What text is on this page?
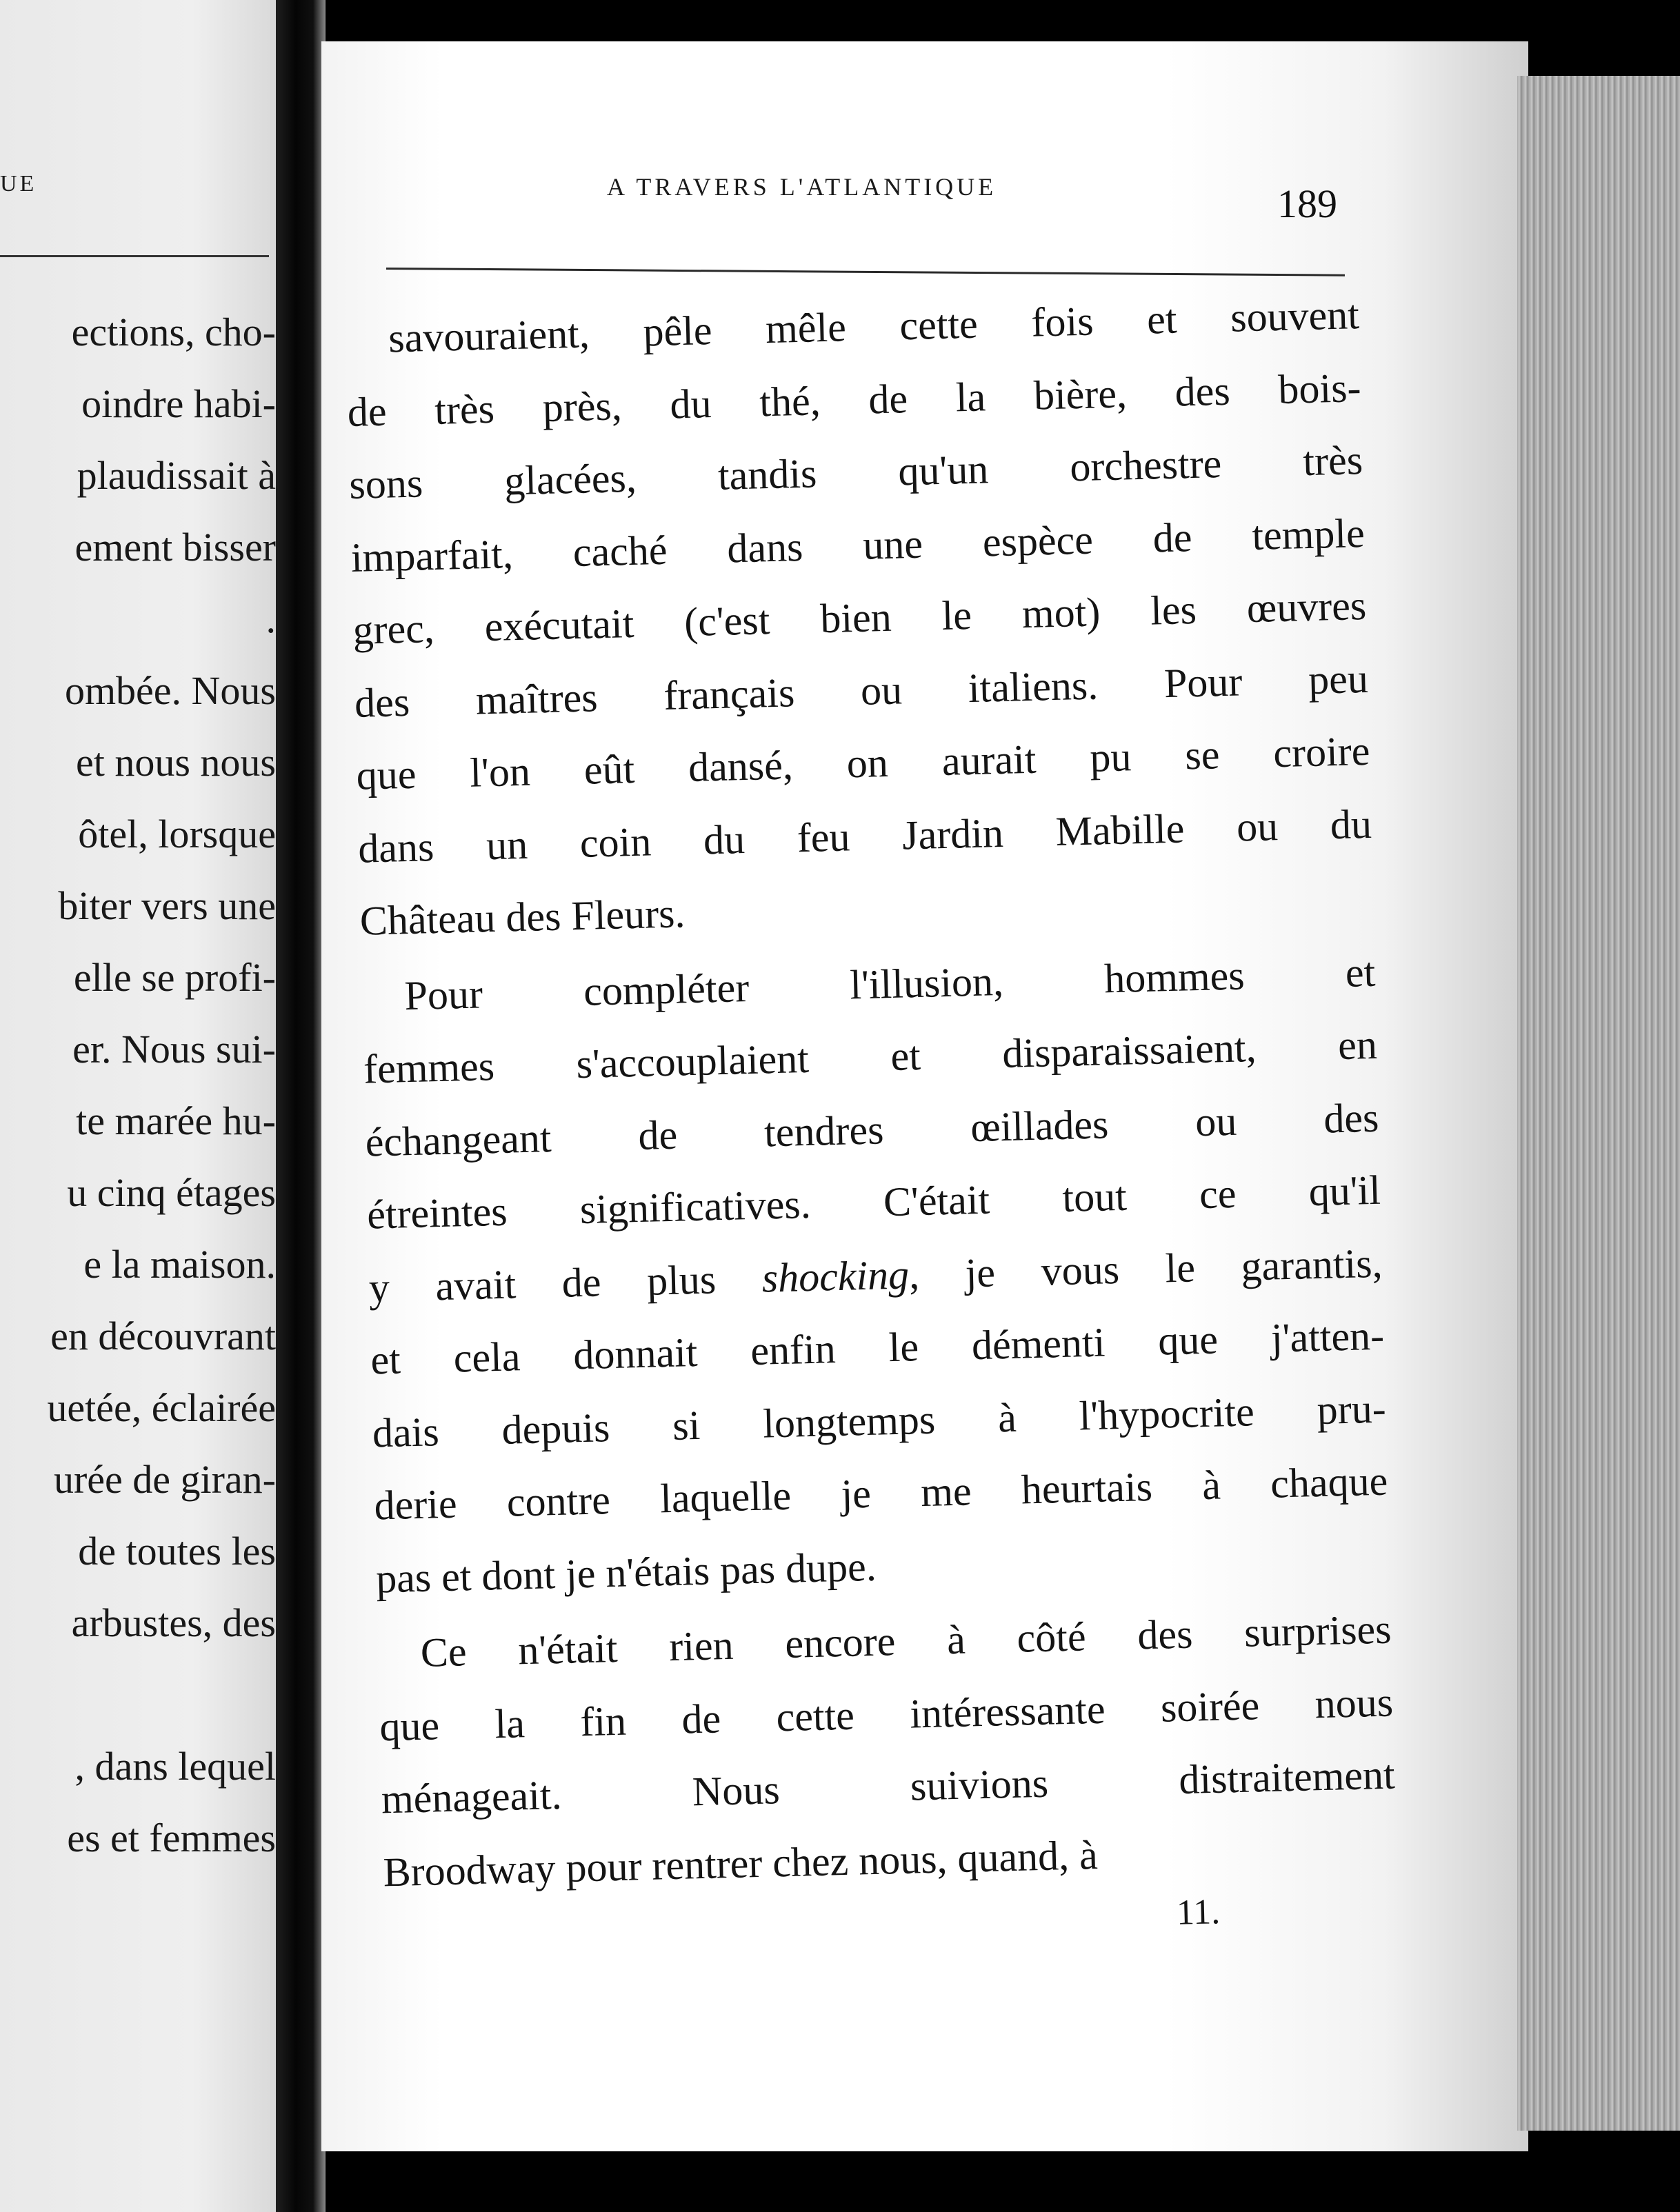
UE
ections, cho-
oindre habi-
plaudissait à
ement bisser
.
ombée. Nous
et nous nous
ôtel, lorsque
biter vers une
elle se profi-
er. Nous sui-
te marée hu-
u cinq étages
e la maison.
en découvrant
uetée, éclairée
urée de giran-
de toutes les
arbustes, des
, dans lequel
es et femmes
A TRAVERS L'ATLANTIQUE	189
savouraient, pêle mêle cette fois et souvent
de très près, du thé, de la bière, des bois-
sons glacées, tandis qu'un orchestre très
imparfait, caché dans une espèce de temple
grec, exécutait (c'est bien le mot) les œuvres
des maîtres français ou italiens. Pour peu
que l'on eût dansé, on aurait pu se croire
dans un coin du feu Jardin Mabille ou du
Château des Fleurs.
Pour compléter l'illusion, hommes et
femmes s'accouplaient et disparaissaient, en
échangeant de tendres œillades ou des
étreintes significatives. C'était tout ce qu'il
y avait de plus shocking, je vous le garantis,
et cela donnait enfin le démenti que j'atten-
dais depuis si longtemps à l'hypocrite pru-
derie contre laquelle je me heurtais à chaque
pas et dont je n'étais pas dupe.
Ce n'était rien encore à côté des surprises
que la fin de cette intéressante soirée nous
ménageait. Nous suivions distraitement
Broodway pour rentrer chez nous, quand, à
11.
